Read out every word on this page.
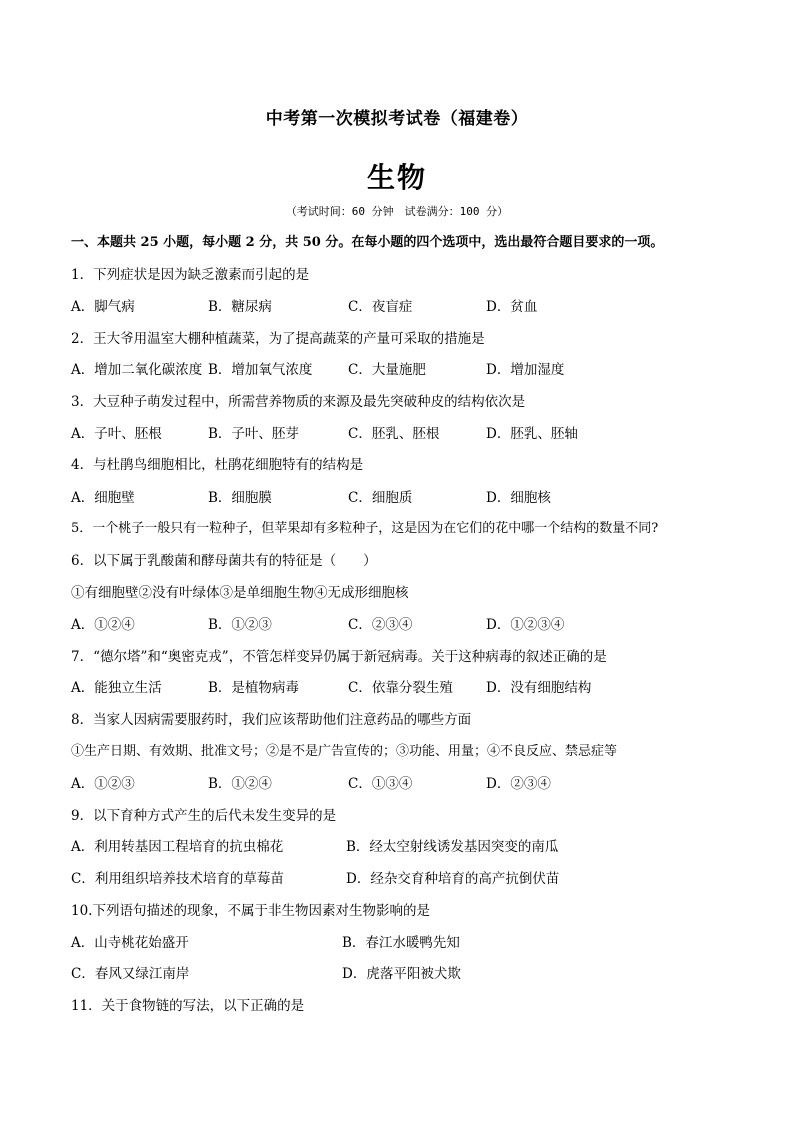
中考第一次模拟考试卷（福建卷）
生物
（考试时间：60 分钟　试卷满分：100 分）
一、本题共 25 小题，每小题 2 分，共 50 分。在每小题的四个选项中，选出最符合题目要求的一项。
1．下列症状是因为缺乏激素而引起的是
A．脚气病	B．糖尿病	C．夜盲症	D．贫血
2．王大爷用温室大棚种植蔬菜，为了提高蔬菜的产量可采取的措施是
A．增加二氧化碳浓度 B．增加氧气浓度	C．大量施肥	D．增加湿度
3．大豆种子萌发过程中，所需营养物质的来源及最先突破种皮的结构依次是
A．子叶、胚根	B．子叶、胚芽	C．胚乳、胚根	D．胚乳、胚轴
4．与杜鹃鸟细胞相比，杜鹃花细胞特有的结构是
A．细胞壁	B．细胞膜	C．细胞质	D．细胞核
5．一个桃子一般只有一粒种子，但苹果却有多粒种子，这是因为在它们的花中哪一个结构的数量不同?
6．以下属于乳酸菌和酵母菌共有的特征是（　　）
①有细胞壁②没有叶绿体③是单细胞生物④无成形细胞核
A．①②④	B．①②③	C．②③④	D．①②③④
7．“德尔塔”和“奥密克戎”，不管怎样变异仍属于新冠病毒。关于这种病毒的叙述正确的是
A．能独立生活	B．是植物病毒	C．依靠分裂生殖 D．没有细胞结构
8．当家人因病需要服药时，我们应该帮助他们注意药品的哪些方面
①生产日期、有效期、批准文号；②是不是广告宣传的；③功能、用量；④不良反应、禁忌症等
A．①②③	B．①②④	C．①③④	D．②③④
9．以下育种方式产生的后代未发生变异的是
A．利用转基因工程培育的抗虫棉花	B．经太空射线诱发基因突变的南瓜
C．利用组织培养技术培育的草莓苗	D．经杂交育种培育的高产抗倒伏苗
10.下列语句描述的现象，不属于非生物因素对生物影响的是
A．山寺桃花始盛开	B．春江水暖鸭先知
C．春风又绿江南岸	D．虎落平阳被犬欺
11．关于食物链的写法，以下正确的是
